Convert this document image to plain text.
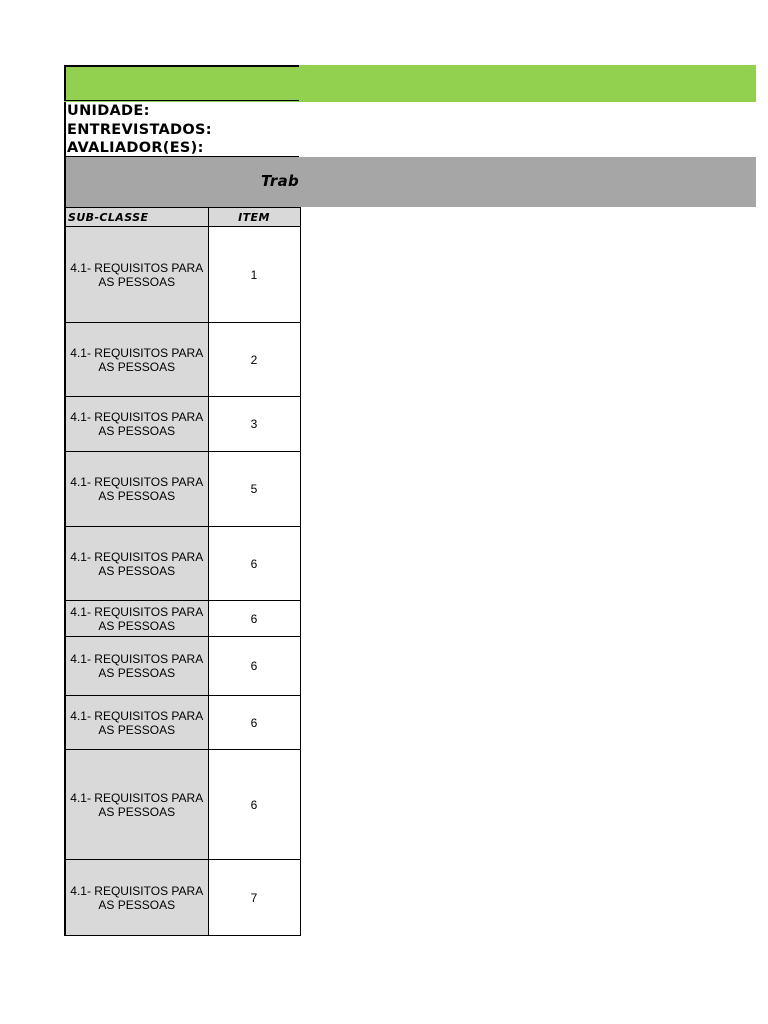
UNIDADE:
ENTREVISTADOS:
AVALIADOR(ES):
Trab
SUB-CLASSE	ITEM
4.1- REQUISITOS PARA AS PESSOAS	1
4.1- REQUISITOS PARA AS PESSOAS	2
4.1- REQUISITOS PARA AS PESSOAS	3
4.1- REQUISITOS PARA AS PESSOAS	5
4.1- REQUISITOS PARA AS PESSOAS	6
4.1- REQUISITOS PARA AS PESSOAS	6
4.1- REQUISITOS PARA AS PESSOAS	6
4.1- REQUISITOS PARA AS PESSOAS	6
4.1- REQUISITOS PARA AS PESSOAS	6
4.1- REQUISITOS PARA AS PESSOAS	7
